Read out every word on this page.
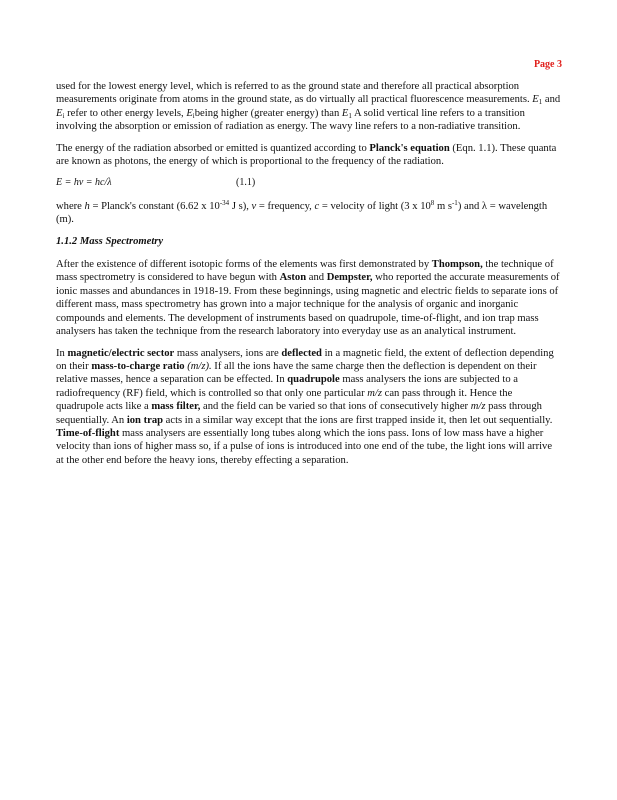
Page 3

used for the lowest energy level, which is referred to as the ground state and therefore all practical absorption measurements originate from atoms in the ground state, as do virtually all practical fluorescence measurements. $E_1$ and $E_i$ refer to other energy levels, $E_ibeing$ higher (greater energy) than $E_1$ A solid vertical line refers to a transition involving the absorption or emission of radiation as energy. The wavy line refers to a non-radiative transition.

The energy of the radiation absorbed or emitted is quantized according to Planck's equation (Eqn. 1.1). These quanta are known as photons, the energy of which is proportional to the frequency of the radiation.

E = hν = hc/λ	(1.1)

where h = Planck's constant (6.62 x $10^{-34}$ J s), v = frequency, c = velocity of light (3 x $10^8$ m $s^{-1}$) and λ = wavelength (m).

1.1.2 Mass Spectrometry

After the existence of different isotopic forms of the elements was first demonstrated by Thompson, the technique of mass spectrometry is considered to have begun with Aston and Dempster, who reported the accurate measurements of ionic masses and abundances in 1918-19. From these beginnings, using magnetic and electric fields to separate ions of different mass, mass spectrometry has grown into a major technique for the analysis of organic and inorganic compounds and elements. The development of instruments based on quadrupole, time-of-flight, and ion trap mass analysers has taken the technique from the research laboratory into everyday use as an analytical instrument.

In magnetic/electric sector mass analysers, ions are deflected in a magnetic field, the extent of deflection depending on their mass-to-charge ratio (m/z). If all the ions have the same charge then the deflection is dependent on their relative masses, hence a separation can be effected. In quadrupole mass analysers the ions are subjected to a radiofrequency (RF) field, which is controlled so that only one particular m/z can pass through it. Hence the quadrupole acts like a mass filter, and the field can be varied so that ions of consecutively higher m/z pass through sequentially. An ion trap acts in a similar way except that the ions are first trapped inside it, then let out sequentially. Time-of-flight mass analysers are essentially long tubes along which the ions pass. Ions of low mass have a higher velocity than ions of higher mass so, if a pulse of ions is introduced into one end of the tube, the light ions will arrive at the other end before the heavy ions, thereby effecting a separation.
